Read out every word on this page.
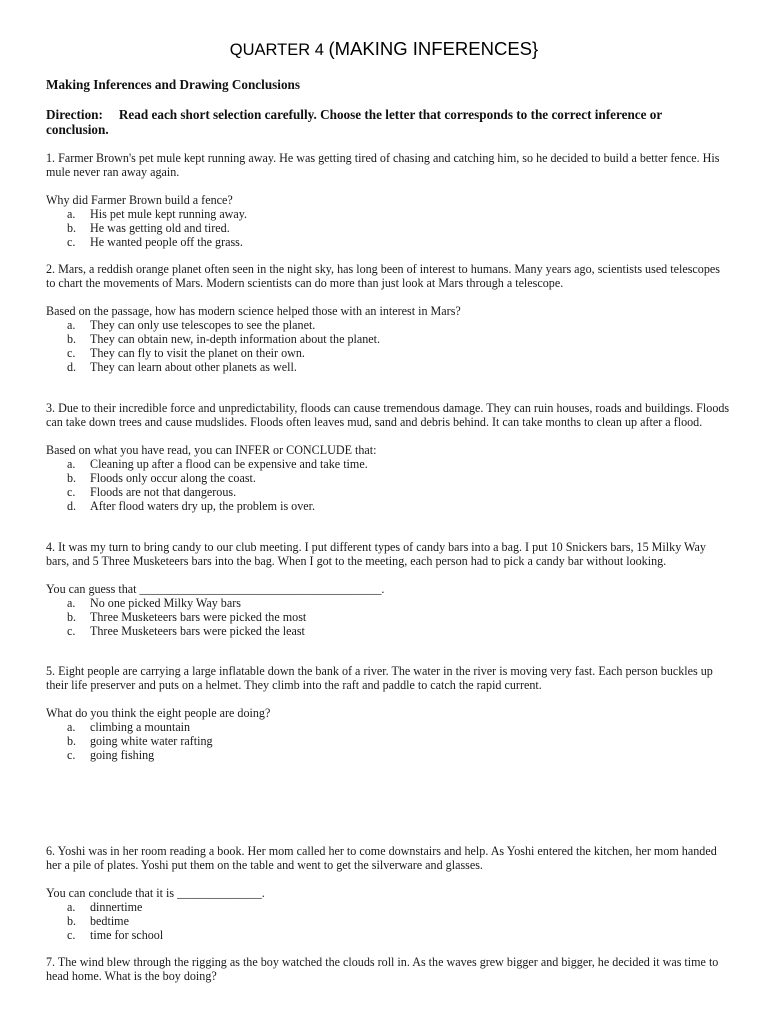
QUARTER 4 (MAKING INFERENCES}
Making Inferences and Drawing Conclusions
Direction: Read each short selection carefully. Choose the letter that corresponds to the correct inference or conclusion.

1. Farmer Brown's pet mule kept running away. He was getting tired of chasing and catching him, so he decided to build a better fence. His mule never ran away again.

Why did Farmer Brown build a fence?

a. His pet mule kept running away.
b. He was getting old and tired.
c. He wanted people off the grass.

2. Mars, a reddish orange planet often seen in the night sky, has long been of interest to humans. Many years ago, scientists used telescopes to chart the movements of Mars. Modern scientists can do more than just look at Mars through a telescope.

Based on the passage, how has modern science helped those with an interest in Mars?

a. They can only use telescopes to see the planet.
b. They can obtain new, in-depth information about the planet.
c. They can fly to visit the planet on their own.
d. They can learn about other planets as well.

3. Due to their incredible force and unpredictability, floods can cause tremendous damage. They can ruin houses, roads and buildings. Floods can take down trees and cause mudslides. Floods often leaves mud, sand and debris behind. It can take months to clean up after a flood.

Based on what you have read, you can INFER or CONCLUDE that:

a. Cleaning up after a flood can be expensive and take time.
b. Floods only occur along the coast.
c. Floods are not that dangerous.
d. After flood waters dry up, the problem is over.

4. It was my turn to bring candy to our club meeting. I put different types of candy bars into a bag. I put 10 Snickers bars, 15 Milky Way bars, and 5 Three Musketeers bars into the bag. When I got to the meeting, each person had to pick a candy bar without looking.

You can guess that ________________________________________.

a. No one picked Milky Way bars
b. Three Musketeers bars were picked the most
c. Three Musketeers bars were picked the least

5. Eight people are carrying a large inflatable down the bank of a river. The water in the river is moving very fast. Each person buckles up their life preserver and puts on a helmet. They climb into the raft and paddle to catch the rapid current.

What do you think the eight people are doing?

a. climbing a mountain
b. going white water rafting
c. going fishing

6. Yoshi was in her room reading a book. Her mom called her to come downstairs and help. As Yoshi entered the kitchen, her mom handed her a pile of plates. Yoshi put them on the table and went to get the silverware and glasses.

You can conclude that it is ______________.

a. dinnertime
b. bedtime
c. time for school

7. The wind blew through the rigging as the boy watched the clouds roll in. As the waves grew bigger and bigger, he decided it was time to head home. What is the boy doing?
